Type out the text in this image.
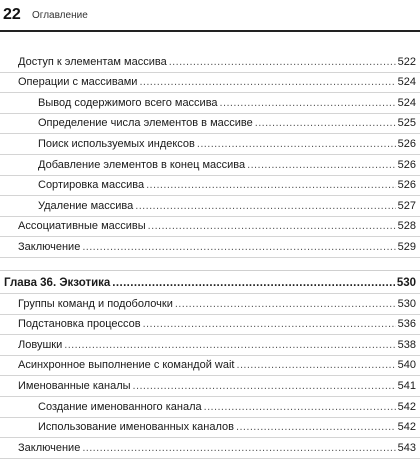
22 Оглавление
Доступ к элементам массива .....	522
Операции с массивами .....	524
Вывод содержимого всего массива .....	524
Определение числа элементов в массиве .....	525
Поиск используемых индексов .....	526
Добавление элементов в конец массива .....	526
Сортировка массива .....	526
Удаление массива .....	527
Ассоциативные массивы .....	528
Заключение .....	529
Глава 36. Экзотика .....	530
Группы команд и подоболочки .....	530
Подстановка процессов .....	536
Ловушки .....	538
Асинхронное выполнение с командой wait .....	540
Именованные каналы .....	541
Создание именованного канала .....	542
Использование именованных каналов .....	542
Заключение .....	543
